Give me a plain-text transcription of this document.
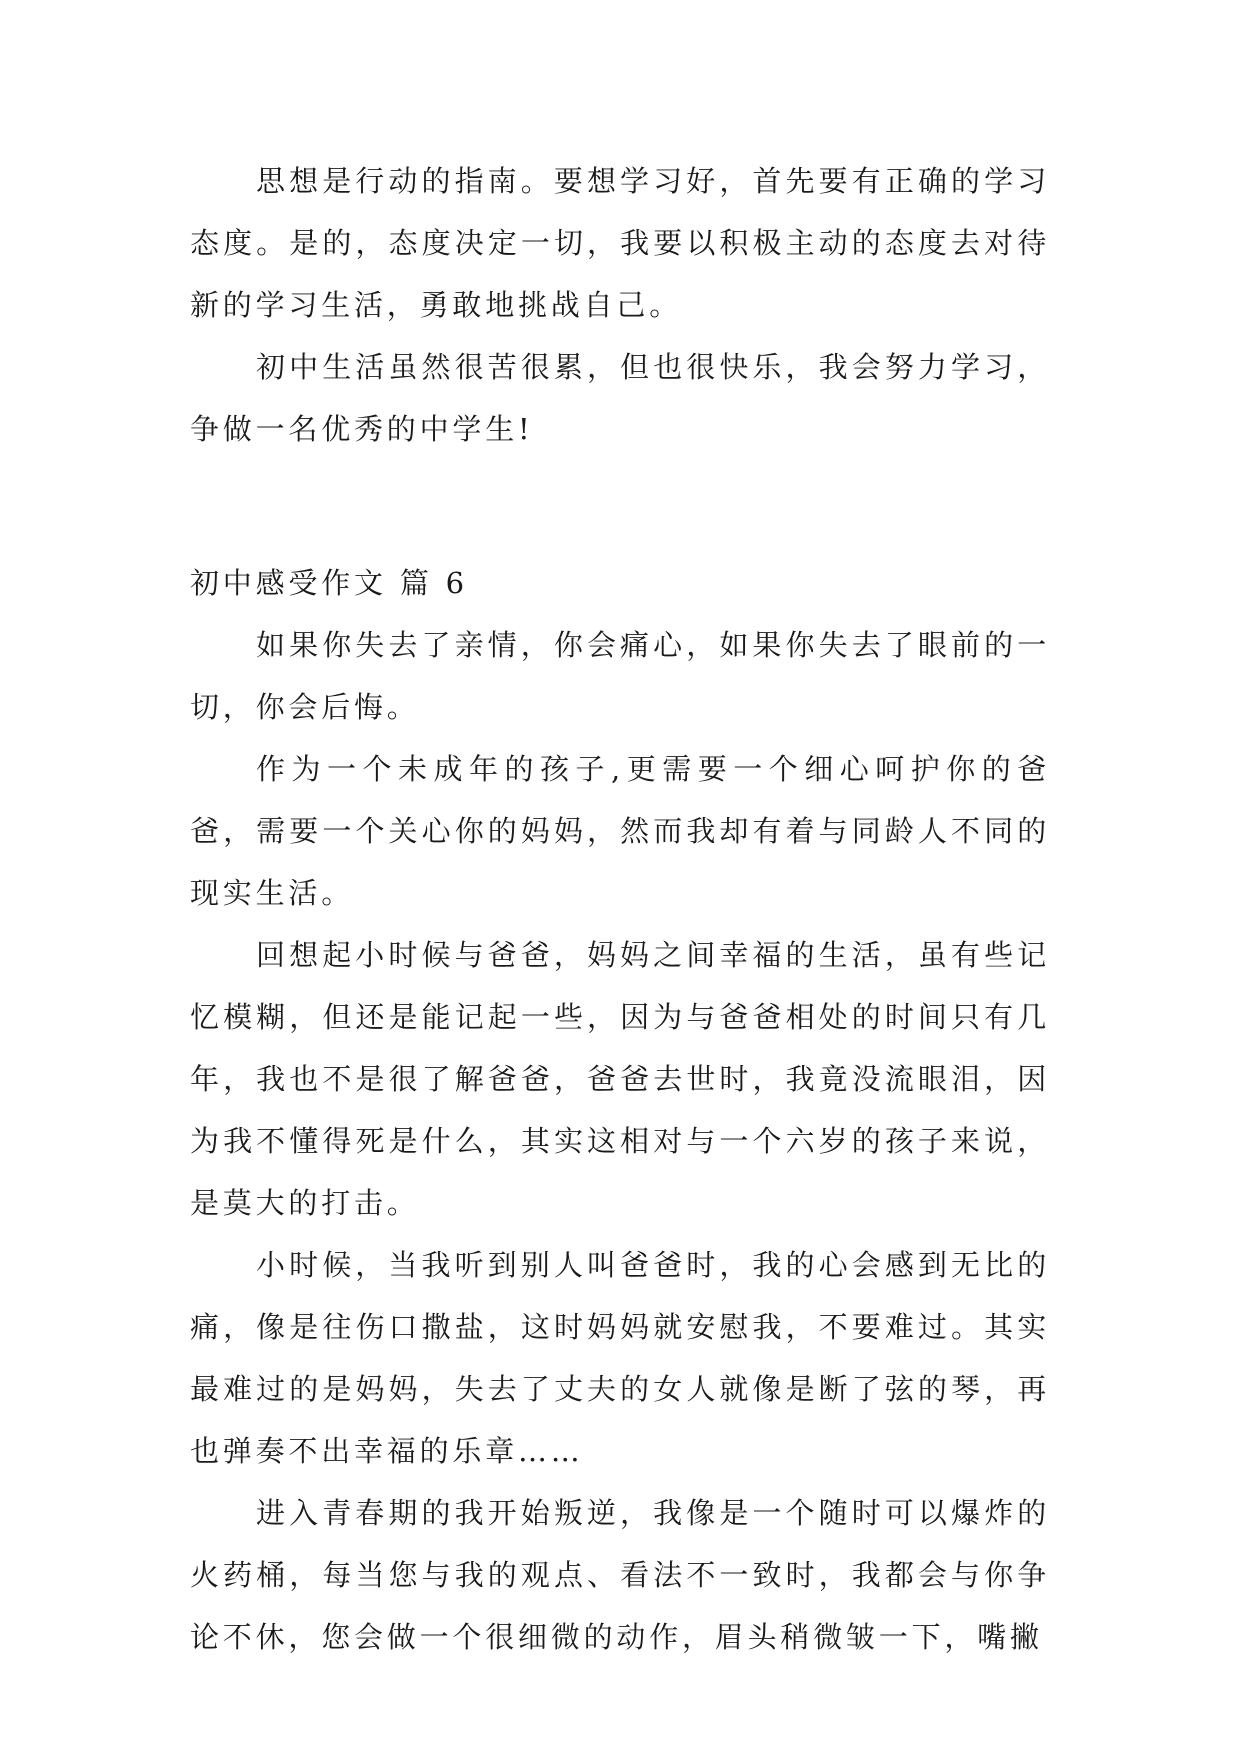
思想是行动的指南。要想学习好，首先要有正确的学习态度。是的，态度决定一切，我要以积极主动的态度去对待新的学习生活，勇敢地挑战自己。

初中生活虽然很苦很累，但也很快乐，我会努力学习，争做一名优秀的中学生!

初中感受作文 篇 6

如果你失去了亲情，你会痛心，如果你失去了眼前的一切，你会后悔。

作为一个未成年的孩子,更需要一个细心呵护你的爸爸，需要一个关心你的妈妈，然而我却有着与同龄人不同的现实生活。

回想起小时候与爸爸，妈妈之间幸福的生活，虽有些记忆模糊，但还是能记起一些，因为与爸爸相处的时间只有几年，我也不是很了解爸爸，爸爸去世时，我竟没流眼泪，因为我不懂得死是什么，其实这相对与一个六岁的孩子来说，是莫大的打击。

小时候，当我听到别人叫爸爸时，我的心会感到无比的痛，像是往伤口撒盐，这时妈妈就安慰我，不要难过。其实最难过的是妈妈，失去了丈夫的女人就像是断了弦的琴，再也弹奏不出幸福的乐章……

进入青春期的我开始叛逆，我像是一个随时可以爆炸的火药桶，每当您与我的观点、看法不一致时，我都会与你争论不休，您会做一个很细微的动作，眉头稍微皱一下，嘴撇
